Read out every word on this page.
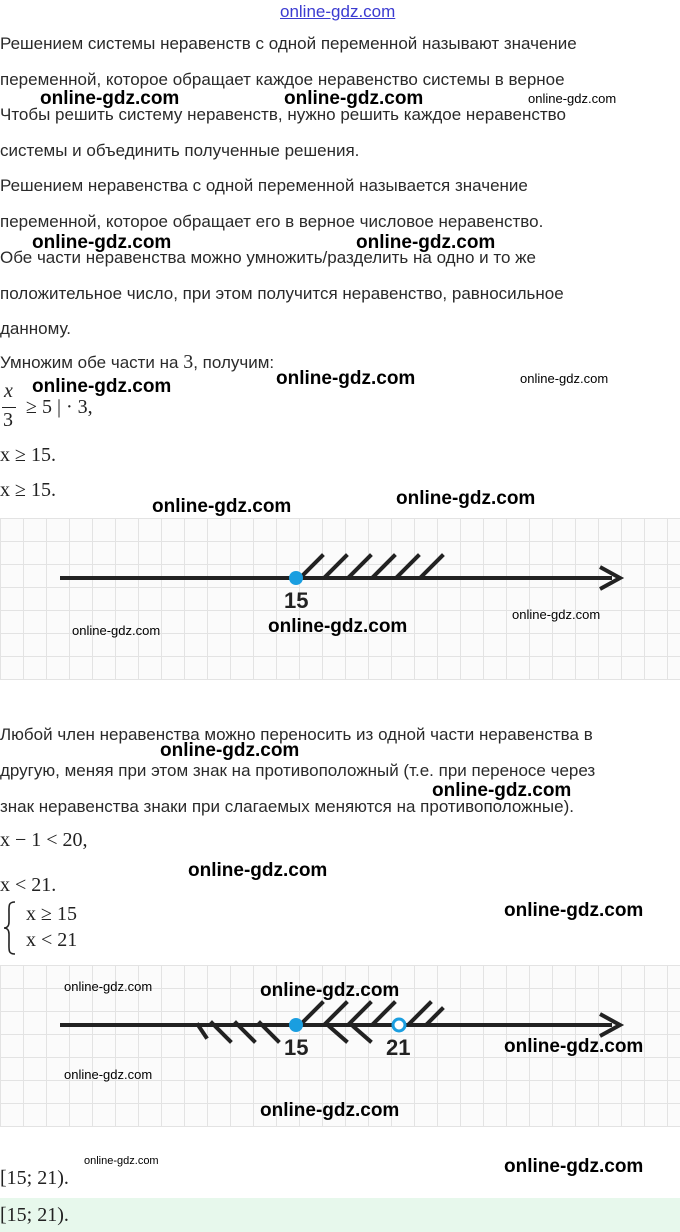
online-gdz.com
Решением системы неравенств с одной переменной называют значение
переменной, которое обращает каждое неравенство системы в верное
Чтобы решить систему неравенств, нужно решить каждое неравенство
системы и объединить полученные решения.
Решением неравенства с одной переменной называется значение
переменной, которое обращает его в верное числовое неравенство.
Обе части неравенства можно умножить/разделить на одно и то же
положительное число, при этом получится неравенство, равносильное
данному.
Умножим обе части на 3, получим:
x
3
≥ 5 | · 3,
x ≥ 15.
x ≥ 15.
15
Любой член неравенства можно переносить из одной части неравенства в
другую, меняя при этом знак на противоположный (т.е. при переносе через
знак неравенства знаки при слагаемых меняются на противоположные).
x − 1 < 20,
x < 21.
x ≥ 15
x < 21
15	21
[15; 21).
[15; 21).
online-gdz.com	online-gdz.com	online-gdz.com
online-gdz.com	online-gdz.com
online-gdz.com	online-gdz.com	online-gdz.com
online-gdz.com
online-gdz.com
online-gdz.com
online-gdz.com	online-gdz.com
online-gdz.com
online-gdz.com
online-gdz.com
online-gdz.com
online-gdz.com	online-gdz.com
online-gdz.com
online-gdz.com
online-gdz.com
online-gdz.com	online-gdz.com
